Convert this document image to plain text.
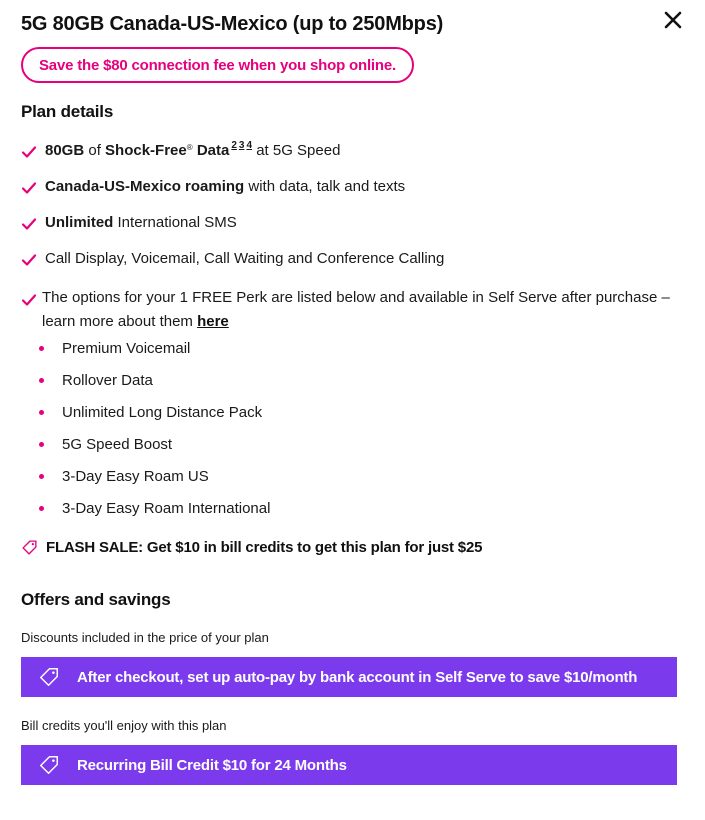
5G 80GB Canada-US-Mexico (up to 250Mbps)
Save the $80 connection fee when you shop online.
Plan details
80GB of Shock-Free® Data $^2$ $^3$ $^4$ at 5G Speed
Canada-US-Mexico roaming with data, talk and texts
Unlimited International SMS
Call Display, Voicemail, Call Waiting and Conference Calling
The options for your 1 FREE Perk are listed below and available in Self Serve after purchase – learn more about them here
Premium Voicemail
Rollover Data
Unlimited Long Distance Pack
5G Speed Boost
3-Day Easy Roam US
3-Day Easy Roam International
FLASH SALE: Get $10 in bill credits to get this plan for just $25
Offers and savings
Discounts included in the price of your plan
After checkout, set up auto-pay by bank account in Self Serve to save $10/month
Bill credits you'll enjoy with this plan
Recurring Bill Credit $10 for 24 Months
